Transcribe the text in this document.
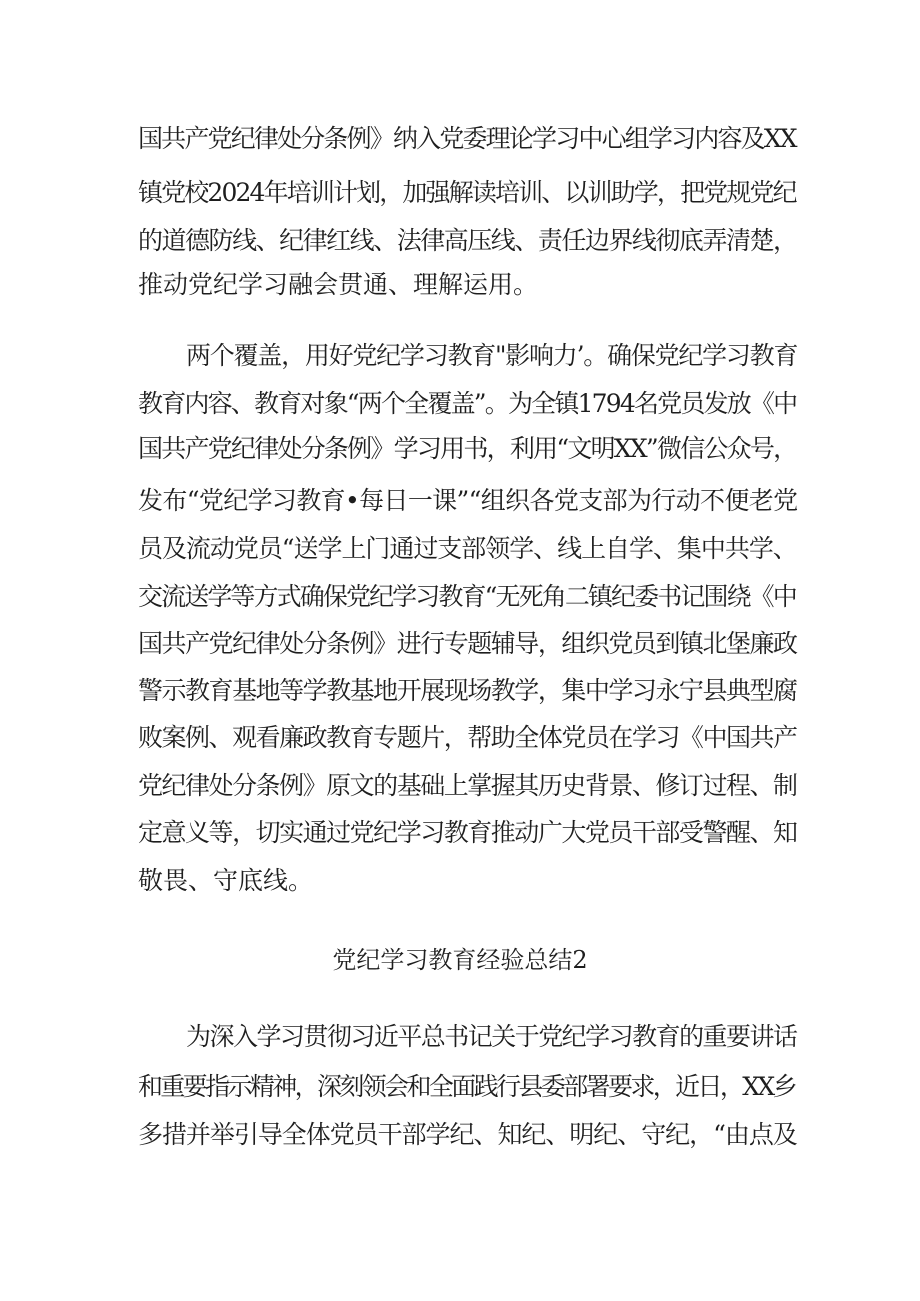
国共产党纪律处分条例》纳入党委理论学习中心组学习内容及XX
镇党校2024年培训计划，加强解读培训、以训助学，把党规党纪
的道德防线、纪律红线、法律高压线、责任边界线彻底弄清楚，
推动党纪学习融会贯通、理解运用。
两个覆盖，用好党纪学习教育"影响力’。确保党纪学习教育
教育内容、教育对象“两个全覆盖”。为全镇1794名党员发放《中
国共产党纪律处分条例》学习用书，利用“文明XX”微信公众号，
发布“党纪学习教育•每日一课”“组织各党支部为行动不便老党
员及流动党员“送学上门通过支部领学、线上自学、集中共学、
交流送学等方式确保党纪学习教育“无死角二镇纪委书记围绕《中
国共产党纪律处分条例》进行专题辅导，组织党员到镇北堡廉政
警示教育基地等学教基地开展现场教学，集中学习永宁县典型腐
败案例、观看廉政教育专题片，帮助全体党员在学习《中国共产
党纪律处分条例》原文的基础上掌握其历史背景、修订过程、制
定意义等，切实通过党纪学习教育推动广大党员干部受警醒、知
敬畏、守底线。
党纪学习教育经验总结2
为深入学习贯彻习近平总书记关于党纪学习教育的重要讲话
和重要指示精神，深刻领会和全面践行县委部署要求，近日，XX乡
多措并举引导全体党员干部学纪、知纪、明纪、守纪，“由点及
